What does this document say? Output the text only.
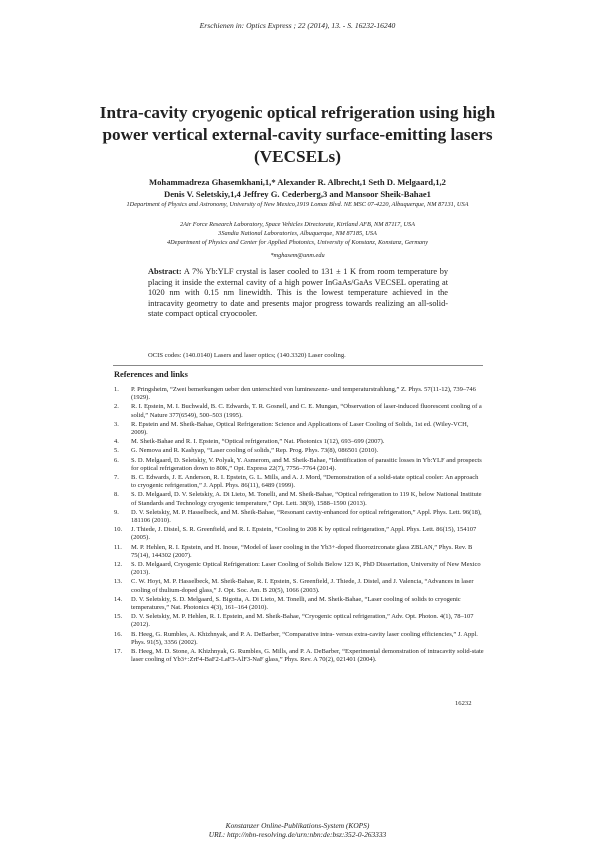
Erschienen in: Optics Express ; 22 (2014), 13. - S. 16232-16240
Intra-cavity cryogenic optical refrigeration using high power vertical external-cavity surface-emitting lasers (VECSELs)
Mohammadreza Ghasemkhani,1,* Alexander R. Albrecht,1 Seth D. Melgaard,1,2
Denis V. Seletskiy,1,4 Jeffrey G. Cederberg,3 and Mansoor Sheik-Bahae1
1Department of Physics and Astronomy, University of New Mexico,1919 Lomas Blvd. NE MSC 07-4220, Albuquerque, NM 87131, USA
2Air Force Research Laboratory, Space Vehicles Directorate, Kirtland AFB, NM 87117, USA
3Sandia National Laboratories, Albuquerque, NM 87185, USA
4Department of Physics and Center for Applied Photonics, University of Konstanz, Konstanz, Germany
*mghasem@unm.edu
Abstract: A 7% Yb:YLF crystal is laser cooled to 131 ± 1 K from room temperature by placing it inside the external cavity of a high power InGaAs/GaAs VECSEL operating at 1020 nm with 0.15 nm linewidth. This is the lowest temperature achieved in the intracavity geometry to date and presents major progress towards realizing an all-solid-state compact optical cryocooler.
OCIS codes: (140.0140) Lasers and laser optics; (140.3320) Laser cooling.
References and links
1. P. Pringsheim, “Zwei bemerkungen ueber den unterschied von lumineszenz- und temperaturstrahlung,” Z. Phys. 57(11-12), 739–746 (1929).
2. R. I. Epstein, M. I. Buchwald, B. C. Edwards, T. R. Gosnell, and C. E. Mungan, “Observation of laser-induced fluorescent cooling of a solid,” Nature 377(6549), 500–503 (1995).
3. R. Epstein and M. Sheik-Bahae, Optical Refrigeration: Science and Applications of Laser Cooling of Solids, 1st ed. (Wiley-VCH, 2009).
4. M. Sheik-Bahae and R. I. Epstein, “Optical refrigeration,” Nat. Photonics 1(12), 693–699 (2007).
5. G. Nemova and R. Kashyap, “Laser cooling of solids,” Rep. Prog. Phys. 73(8), 086501 (2010).
6. S. D. Melgaard, D. Seletskiy, V. Polyak, Y. Asmerom, and M. Sheik-Bahae, “Identification of parasitic losses in Yb:YLF and prospects for optical refrigeration down to 80K,” Opt. Express 22(7), 7756–7764 (2014).
7. B. C. Edwards, J. E. Anderson, R. I. Epstein, G. L. Mills, and A. J. Mord, “Demonstration of a solid-state optical cooler: An approach to cryogenic refrigeration,” J. Appl. Phys. 86(11), 6489 (1999).
8. S. D. Melgaard, D. V. Seletskiy, A. Di Lieto, M. Tonelli, and M. Sheik-Bahae, “Optical refrigeration to 119 K, below National Institute of Standards and Technology cryogenic temperature,” Opt. Lett. 38(9), 1588–1590 (2013).
9. D. V. Seletskiy, M. P. Hasselbeck, and M. Sheik-Bahae, “Resonant cavity-enhanced for optical refrigeration,” Appl. Phys. Lett. 96(18), 181106 (2010).
10. J. Thiede, J. Distel, S. R. Greenfield, and R. I. Epstein, “Cooling to 208 K by optical refrigeration,” Appl. Phys. Lett. 86(15), 154107 (2005).
11. M. P. Hehlen, R. I. Epstein, and H. Inoue, “Model of laser cooling in the Yb3+-doped fluorozirconate glass ZBLAN,” Phys. Rev. B 75(14), 144302 (2007).
12. S. D. Melgaard, Cryogenic Optical Refrigeration: Laser Cooling of Solids Below 123 K, PhD Dissertation, University of New Mexico (2013).
13. C. W. Hoyt, M. P. Hasselbeck, M. Sheik-Bahae, R. I. Epstein, S. Greenfield, J. Thiede, J. Distel, and J. Valencia, “Advances in laser cooling of thulium-doped glass,” J. Opt. Soc. Am. B 20(5), 1066 (2003).
14. D. V. Seletskiy, S. D. Melgaard, S. Bigotta, A. Di Lieto, M. Tonelli, and M. Sheik-Bahae, “Laser cooling of solids to cryogenic temperatures,” Nat. Photonics 4(3), 161–164 (2010).
15. D. V. Seletskiy, M. P. Hehlen, R. I. Epstein, and M. Sheik-Bahae, “Cryogenic optical refrigeration,” Adv. Opt. Photon. 4(1), 78–107 (2012).
16. B. Heeg, G. Rumbles, A. Khizhnyak, and P. A. DeBarber, “Comparative intra- versus extra-cavity laser cooling efficiencies,” J. Appl. Phys. 91(5), 3356 (2002).
17. B. Heeg, M. D. Stone, A. Khizhnyak, G. Rumbles, G. Mills, and P. A. DeBarber, “Experimental demonstration of intracavity solid-state laser cooling of Yb3+:ZrF4-BaF2-LaF3-AlF3-NaF glass,” Phys. Rev. A 70(2), 021401 (2004).
16232
Konstanzer Online-Publikations-System (KOPS)
URL: http://nbn-resolving.de/urn:nbn:de:bsz:352-0-263333
